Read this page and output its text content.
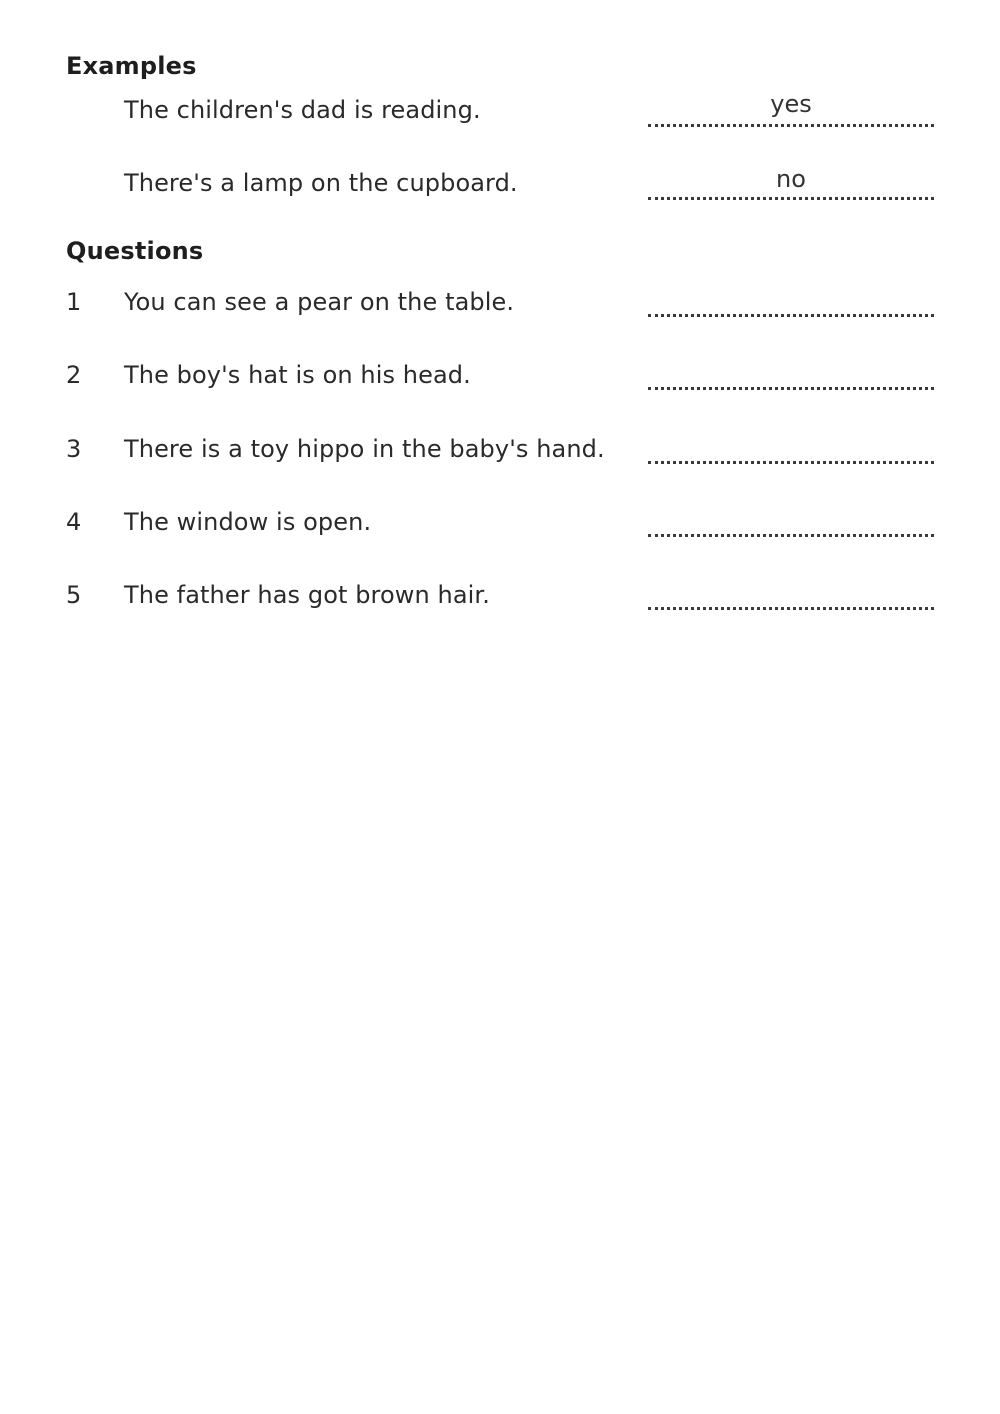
Examples
The children's dad is reading.	yes
There's a lamp on the cupboard.	no
Questions
1 You can see a pear on the table.
2 The boy's hat is on his head.
3 There is a toy hippo in the baby's hand.
4 The window is open.
5 The father has got brown hair.
